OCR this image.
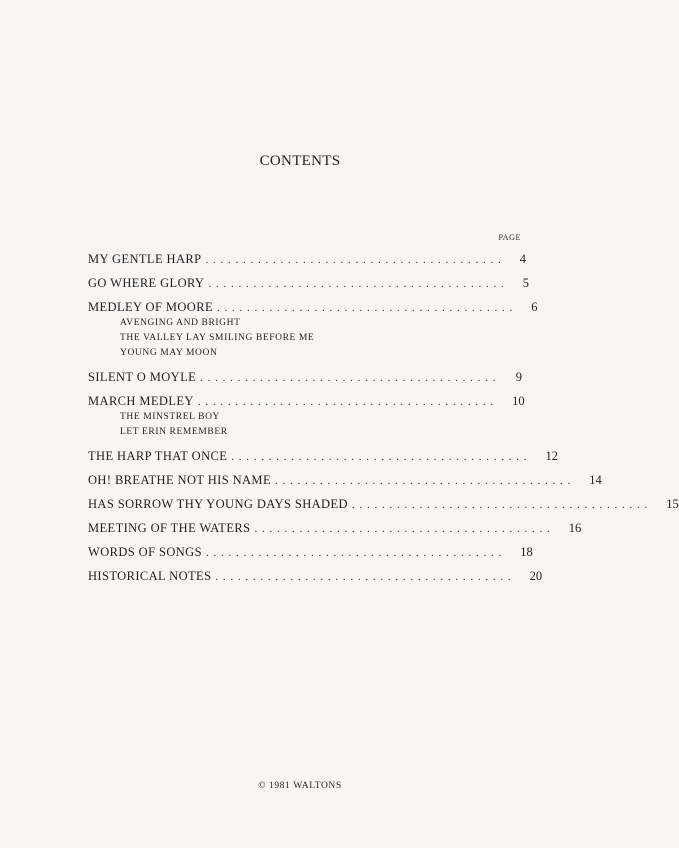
CONTENTS
PAGE
MY GENTLE HARP . . . . . . . . . . . . . . . . . . . . . . . . . . . . . . . . . . . . . . . .	4
GO WHERE GLORY . . . . . . . . . . . . . . . . . . . . . . . . . . . . . . . . . . . . . . . .	5
MEDLEY OF MOORE . . . . . . . . . . . . . . . . . . . . . . . . . . . . . . . . . . . . . . . .	6
AVENGING AND BRIGHT
THE VALLEY LAY SMILING BEFORE ME
YOUNG MAY MOON
SILENT O MOYLE . . . . . . . . . . . . . . . . . . . . . . . . . . . . . . . . . . . . . . . .	9
MARCH MEDLEY . . . . . . . . . . . . . . . . . . . . . . . . . . . . . . . . . . . . . . . .	10
THE MINSTREL BOY
LET ERIN REMEMBER
THE HARP THAT ONCE . . . . . . . . . . . . . . . . . . . . . . . . . . . . . . . . . . . . . . . .	12
OH! BREATHE NOT HIS NAME . . . . . . . . . . . . . . . . . . . . . . . . . . . . . . . . . . . . . . . .	14
HAS SORROW THY YOUNG DAYS SHADED . . . . . . . . . . . . . . . . . . . . . . . . . . . . . . . . . . . . . . . .	15
MEETING OF THE WATERS . . . . . . . . . . . . . . . . . . . . . . . . . . . . . . . . . . . . . . . .	16
WORDS OF SONGS . . . . . . . . . . . . . . . . . . . . . . . . . . . . . . . . . . . . . . . .	18
HISTORICAL NOTES . . . . . . . . . . . . . . . . . . . . . . . . . . . . . . . . . . . . . . . .	20
© 1981 WALTONS
